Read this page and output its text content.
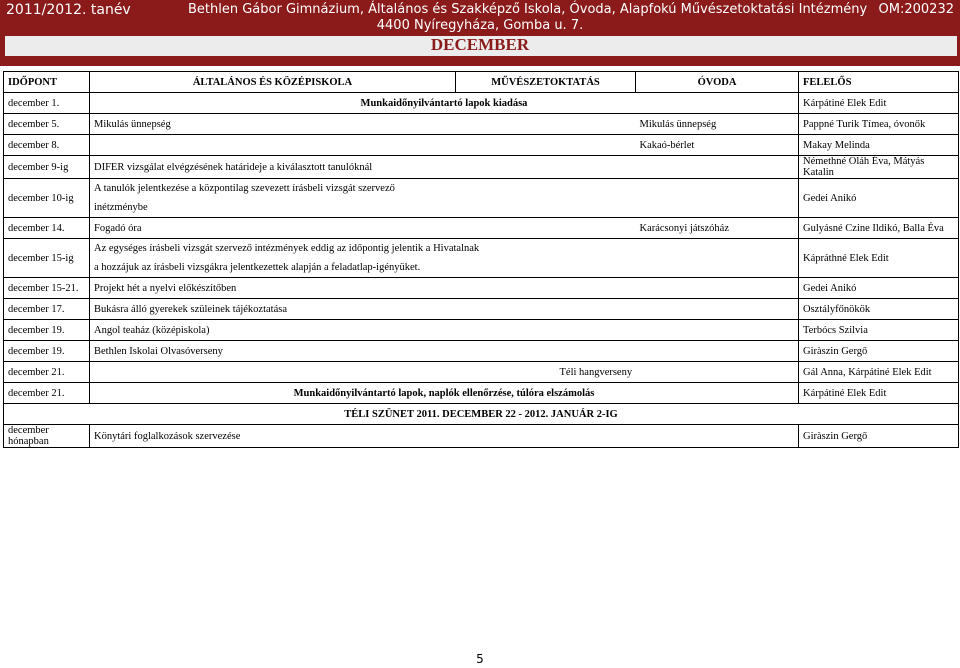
2011/2012. tanév	Bethlen Gábor Gimnázium, Általános és Szakképző Iskola, Óvoda, Alapfokú Művészetoktatási Intézmény OM:200232
4400 Nyíregyháza, Gomba u. 7.
DECEMBER
IDŐPONT	ÁLTALÁNOS ÉS KÖZÉPISKOLA	MŰVÉSZETOKTATÁS		ÓVODA	FELELŐS
december 1.	Munkaidőnyilvántartó lapok kiadása				Kárpátiné Elek Edit
december 5.	Mikulás ünnepség			Mikulás ünnepség	Pappné Turik Tímea, óvonők
december 8.				Kakaó-bérlet	Makay Melinda
december 9-ig	DIFER vizsgálat elvégzésének határideje a kiválasztott tanulóknál				Némethné Oláh Éva, Mátyás Katalin
december 10-ig	A tanulók jelentkezése a központilag szevezett írásbeli vizsgát szervező
inétzménybe				Gedei Anikó
december 14.	Fogadó óra			Karácsonyi játszóház	Gulyásné Czine Ildikó, Balla Éva
december 15-ig	Az egységes írásbeli vizsgát szervező intézmények eddig az időpontig jelentik a Hivatalnak
a hozzájuk az írásbeli vizsgákra jelentkezettek alapján a feladatlap-igényüket.				Kápráthné Elek Edit
december 15-21.	Projekt hét a nyelvi előkészítőben				Gedei Anikó
december 17.	Bukásra álló gyerekek szüleinek tájékoztatása				Osztályfőnökök
december 19.	Angol teaház (középiskola)				Terbócs Szilvia
december 19.	Bethlen Iskolai Olvasóverseny				Giràszin Gergő
december 21.			Téli hangverseny		Gál Anna, Kárpátiné Elek Edit
december 21.	Munkaidőnyilvántartó lapok, naplók ellenőrzése, túlóra elszámolás				Kárpátiné Elek Edit
TÉLI SZÜNET 2011. DECEMBER 22 - 2012. JANUÁR 2-IG					
december hónapban	Könytári foglalkozások szervezése				Giràszin Gergő
5
